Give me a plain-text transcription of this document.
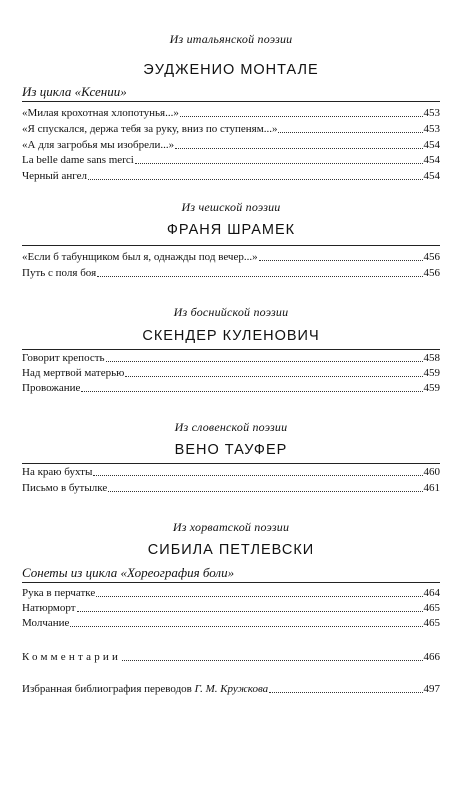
Из итальянской поэзии
ЭУДЖЕНИО МОНТАЛЕ
Из цикла «Ксении»
«Милая крохотная хлопотунья...»	453
«Я спускался, держа тебя за руку, вниз по ступеням...»	453
«А для загробья мы изобрели...»	454
La belle dame sans merci	454
Черный ангел	454
Из чешской поэзии
ФРАНЯ ШРАМЕК
«Если б табунщиком был я, однажды под вечер...»	456
Путь с поля боя	456
Из боснийской поэзии
СКЕНДЕР КУЛЕНОВИЧ
Говорит крепость	458
Над мертвой матерью	459
Провожание	459
Из словенской поэзии
ВЕНО ТАУФЕР
На краю бухты	460
Письмо в бутылке	461
Из хорватской поэзии
СИБИЛА ПЕТЛЕВСКИ
Сонеты из цикла «Хореография боли»
Рука в перчатке	464
Натюрморт	465
Молчание	465
Комментарии	466
Избранная библиография переводов Г. М. Кружкова	497
